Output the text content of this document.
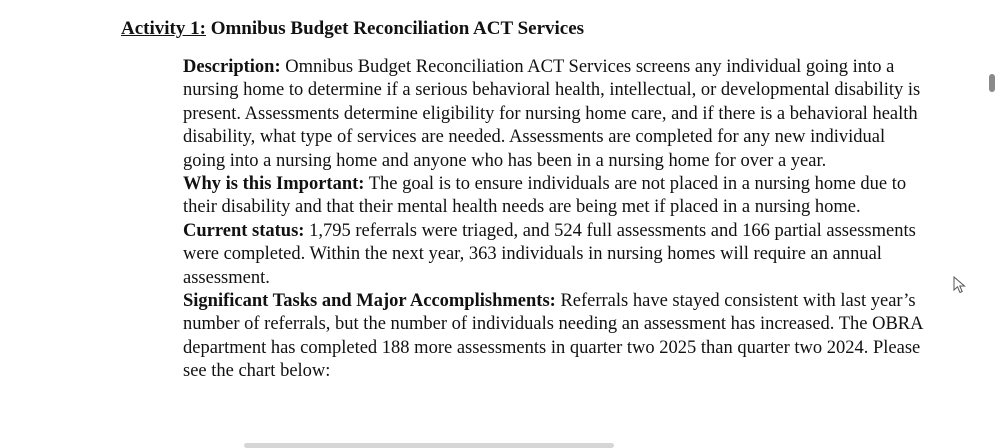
Activity 1: Omnibus Budget Reconciliation ACT Services

Description: Omnibus Budget Reconciliation ACT Services screens any individual going into a nursing home to determine if a serious behavioral health, intellectual, or developmental disability is present. Assessments determine eligibility for nursing home care, and if there is a behavioral health disability, what type of services are needed. Assessments are completed for any new individual going into a nursing home and anyone who has been in a nursing home for over a year.

Why is this Important: The goal is to ensure individuals are not placed in a nursing home due to their disability and that their mental health needs are being met if placed in a nursing home.

Current status: 1,795 referrals were triaged, and 524 full assessments and 166 partial assessments were completed. Within the next year, 363 individuals in nursing homes will require an annual assessment.

Significant Tasks and Major Accomplishments: Referrals have stayed consistent with last year’s number of referrals, but the number of individuals needing an assessment has increased. The OBRA department has completed 188 more assessments in quarter two 2025 than quarter two 2024. Please see the chart below:
